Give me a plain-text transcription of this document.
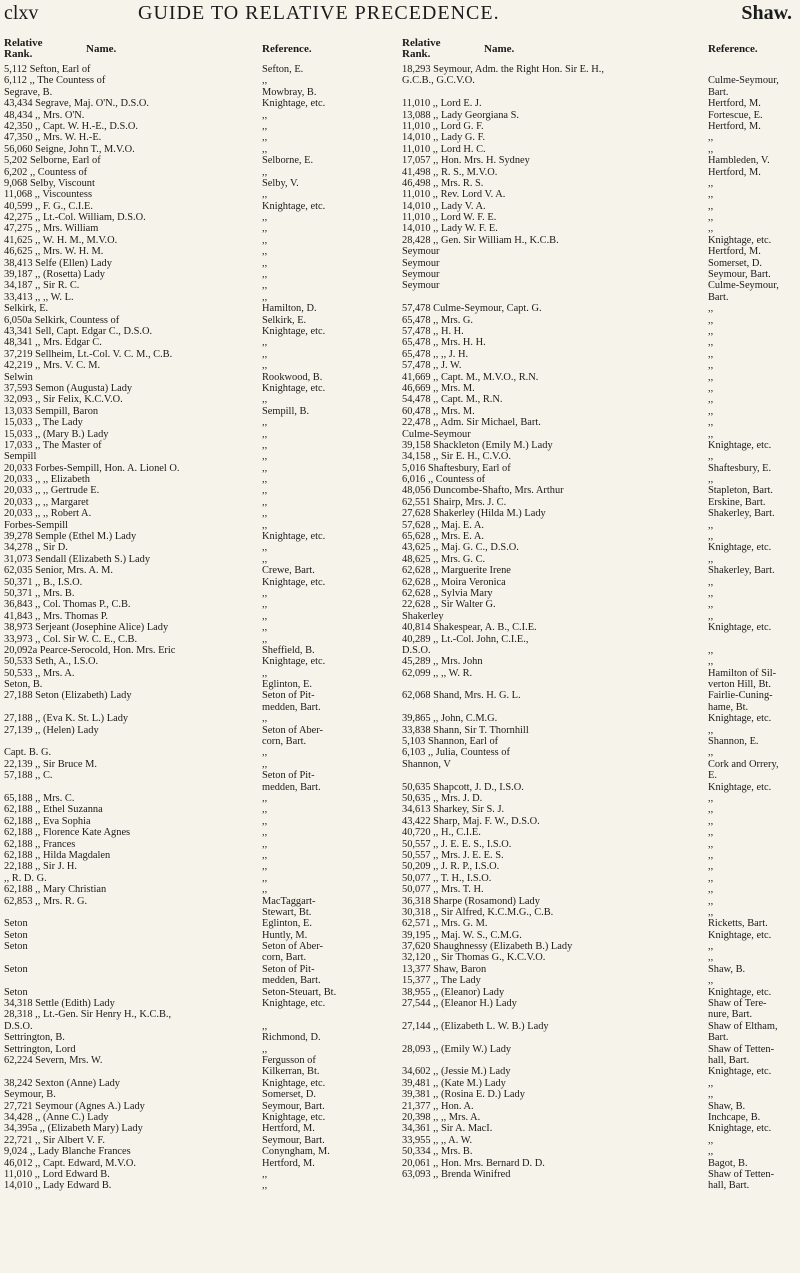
clxv	GUIDE TO RELATIVE PRECEDENCE.	Shaw.
Relative Rank.	Name.	Reference.
5,112 Sefton, Earl of	Sefton, E.
6,112 ,, The Countess of	,,
Segrave, B.	Mowbray, B.
43,434 Segrave, Maj. O'N., D.S.O.	Knightage, etc.
48,434 ,, Mrs. O'N.	,,
42,350 ,, Capt. W. H.-E., D.S.O.	,,
47,350 ,, Mrs. W. H.-E.	,,
56,060 Seigne, John T., M.V.O.	,,
5,202 Selborne, Earl of	Selborne, E.
6,202 ,, Countess of	,,
9,068 Selby, Viscount	Selby, V.
11,068 ,, Viscountess	,,
40,599 ,, F. G., C.I.E.	Knightage, etc.
42,275 ,, Lt.-Col. William, D.S.O.	,,
47,275 ,, Mrs. William	,,
41,625 ,, W. H. M., M.V.O.	,,
46,625 ,, Mrs. W. H. M.	,,
38,413 Selfe (Ellen) Lady	,,
39,187 ,, (Rosetta) Lady	,,
34,187 ,, Sir R. C.	,,
33,413 ,, ,, W. L.	,,
Selkirk, E.	Hamilton, D.
6,050a Selkirk, Countess of	Selkirk, E.
43,341 Sell, Capt. Edgar C., D.S.O.	Knightage, etc.
48,341 ,, Mrs. Edgar C.	,,
37,219 Sellheim, Lt.-Col. V. C. M., C.B.	,,
42,219 ,, Mrs. V. C. M.	,,
Selwin	Rookwood, B.
37,593 Semon (Augusta) Lady	Knightage, etc.
32,093 ,, Sir Felix, K.C.V.O.	,,
13,033 Sempill, Baron	Sempill, B.
15,033 ,, The Lady	,,
15,033 ,, (Mary B.) Lady	,,
17,033 ,, The Master of	,,
Sempill	,,
20,033 Forbes-Sempill, Hon. A. Lionel O.	,,
20,033 ,, ,, Elizabeth	,,
20,033 ,, ,, Gertrude E.	,,
20,033 ,, ,, Margaret	,,
20,033 ,, ,, Robert A.	,,
Forbes-Sempill	,,
39,278 Semple (Ethel M.) Lady	Knightage, etc.
34,278 ,, Sir D.	,,
31,073 Sendall (Elizabeth S.) Lady	,,
62,035 Senior, Mrs. A. M.	Crewe, Bart.
50,371 ,, B., I.S.O.	Knightage, etc.
50,371 ,, Mrs. B.	,,
36,843 ,, Col. Thomas P., C.B.	,,
41,843 ,, Mrs. Thomas P.	,,
38,973 Serjeant (Josephine Alice) Lady	,,
33,973 ,, Col. Sir W. C. E., C.B.	,,
20,092a Pearce-Serocold, Hon. Mrs. Eric	Sheffield, B.
50,533 Seth, A., I.S.O.	Knightage, etc.
50,533 ,, Mrs. A.	,,
Seton, B.	Eglinton, E.
27,188 Seton (Elizabeth) Lady	Seton of Pit-
medden, Bart.
27,188 ,, (Eva K. St. L.) Lady	,,
27,139 ,, (Helen) Lady	Seton of Aber-
corn, Bart.
Capt. B. G.	,,
22,139 ,, Sir Bruce M.	,,
57,188 ,, C.	Seton of Pit-
medden, Bart.
65,188 ,, Mrs. C.	,,
62,188 ,, Ethel Suzanna	,,
62,188 ,, Eva Sophia	,,
62,188 ,, Florence Kate Agnes	,,
62,188 ,, Frances	,,
62,188 ,, Hilda Magdalen	,,
22,188 ,, Sir J. H.	,,
,, R. D. G.	,,
62,188 ,, Mary Christian	,,
62,853 ,, Mrs. R. G.	MacTaggart-
Stewart, Bt.
Seton	Eglinton, E.
Seton	Huntly, M.
Seton	Seton of Aber-
corn, Bart.
Seton	Seton of Pit-
medden, Bart.
Seton	Seton-Steuart, Bt.
34,318 Settle (Edith) Lady	Knightage, etc.
28,318 ,, Lt.-Gen. Sir Henry H., K.C.B.,
D.S.O.	,,
Settrington, B.	Richmond, D.
Settrington, Lord	,,
62,224 Severn, Mrs. W.	Fergusson of
Kilkerran, Bt.
38,242 Sexton (Anne) Lady	Knightage, etc.
Seymour, B.	Somerset, D.
27,721 Seymour (Agnes A.) Lady	Seymour, Bart.
34,428 ,, (Anne C.) Lady	Knightage, etc.
34,395a ,, (Elizabeth Mary) Lady	Hertford, M.
22,721 ,, Sir Albert V. F.	Seymour, Bart.
9,024 ,, Lady Blanche Frances	Conyngham, M.
46,012 ,, Capt. Edward, M.V.O.	Hertford, M.
11,010 ,, Lord Edward B.	,,
14,010 ,, Lady Edward B.	,,
Relative Rank.	Name.	Reference.
18,293 Seymour, Adm. the Right Hon. Sir E. H.,
G.C.B., G.C.V.O.	Culme-Seymour,
Bart.
11,010 ,, Lord E. J.	Hertford, M.
13,088 ,, Lady Georgiana S.	Fortescue, E.
11,010 ,, Lord G. F.	Hertford, M.
14,010 ,, Lady G. F.	,,
11,010 ,, Lord H. C.	,,
17,057 ,, Hon. Mrs. H. Sydney	Hambleden, V.
41,498 ,, R. S., M.V.O.	Hertford, M.
46,498 ,, Mrs. R. S.	,,
11,010 ,, Rev. Lord V. A.	,,
14,010 ,, Lady V. A.	,,
11,010 ,, Lord W. F. E.	,,
14,010 ,, Lady W. F. E.	,,
28,428 ,, Gen. Sir William H., K.C.B.	Knightage, etc.
Seymour	Hertford, M.
Seymour	Somerset, D.
Seymour	Seymour, Bart.
Seymour	Culme-Seymour,
Bart.
57,478 Culme-Seymour, Capt. G.	,,
65,478 ,, Mrs. G.	,,
57,478 ,, H. H.	,,
65,478 ,, Mrs. H. H.	,,
65,478 ,, ,, J. H.	,,
57,478 ,, J. W.	,,
41,669 ,, Capt. M., M.V.O., R.N.	,,
46,669 ,, Mrs. M.	,,
54,478 ,, Capt. M., R.N.	,,
60,478 ,, Mrs. M.	,,
22,478 ,, Adm. Sir Michael, Bart.	,,
Culme-Seymour	,,
39,158 Shackleton (Emily M.) Lady	Knightage, etc.
34,158 ,, Sir E. H., C.V.O.	,,
5,016 Shaftesbury, Earl of	Shaftesbury, E.
6,016 ,, Countess of	,,
48,056 Duncombe-Shafto, Mrs. Arthur	Stapleton, Bart.
62,551 Shairp, Mrs. J. C.	Erskine, Bart.
27,628 Shakerley (Hilda M.) Lady	Shakerley, Bart.
57,628 ,, Maj. E. A.	,,
65,628 ,, Mrs. E. A.	,,
43,625 ,, Maj. G. C., D.S.O.	Knightage, etc.
48,625 ,, Mrs. G. C.	,,
62,628 ,, Marguerite Irene	Shakerley, Bart.
62,628 ,, Moira Veronica	,,
62,628 ,, Sylvia Mary	,,
22,628 ,, Sir Walter G.	,,
Shakerley	,,
40,814 Shakespear, A. B., C.I.E.	Knightage, etc.
40,289 ,, Lt.-Col. John, C.I.E.,
D.S.O.	,,
45,289 ,, Mrs. John	,,
62,099 ,, ,, W. R.	Hamilton of Sil-
verton Hill, Bt.
62,068 Shand, Mrs. H. G. L.	Fairlie-Cuning-
hame, Bt.
39,865 ,, John, C.M.G.	Knightage, etc.
33,838 Shann, Sir T. Thornhill	,,
5,103 Shannon, Earl of	Shannon, E.
6,103 ,, Julia, Countess of	,,
Shannon, V	Cork and Orrery,
E.
50,635 Shapcott, J. D., I.S.O.	Knightage, etc.
50,635 ,, Mrs. J. D.	,,
34,613 Sharkey, Sir S. J.	,,
43,422 Sharp, Maj. F. W., D.S.O.	,,
40,720 ,, H., C.I.E.	,,
50,557 ,, J. E. E. S., I.S.O.	,,
50,557 ,, Mrs. J. E. E. S.	,,
50,209 ,, J. R. P., I.S.O.	,,
50,077 ,, T. H., I.S.O.	,,
50,077 ,, Mrs. T. H.	,,
36,318 Sharpe (Rosamond) Lady	,,
30,318 ,, Sir Alfred, K.C.M.G., C.B.	,,
62,571 ,, Mrs. G. M.	Ricketts, Bart.
39,195 ,, Maj. W. S., C.M.G.	Knightage, etc.
37,620 Shaughnessy (Elizabeth B.) Lady	,,
32,120 ,, Sir Thomas G., K.C.V.O.	,,
13,377 Shaw, Baron	Shaw, B.
15,377 ,, The Lady	,,
38,955 ,, (Eleanor) Lady	Knightage, etc.
27,544 ,, (Eleanor H.) Lady	Shaw of Tere-
nure, Bart.
27,144 ,, (Elizabeth L. W. B.) Lady	Shaw of Eltham,
Bart.
28,093 ,, (Emily W.) Lady	Shaw of Tetten-
hall, Bart.
34,602 ,, (Jessie M.) Lady	Knightage, etc.
39,481 ,, (Kate M.) Lady	,,
39,381 ,, (Rosina E. D.) Lady	,,
21,377 ,, Hon. A.	Shaw, B.
20,398 ,, ,, Mrs. A.	Inchcape, B.
34,361 ,, Sir A. MacI.	Knightage, etc.
33,955 ,, ,, A. W.	,,
50,334 ,, Mrs. B.	,,
20,061 ,, Hon. Mrs. Bernard D. D.	Bagot, B.
63,093 ,, Brenda Winifred	Shaw of Tetten-
hall, Bart.
